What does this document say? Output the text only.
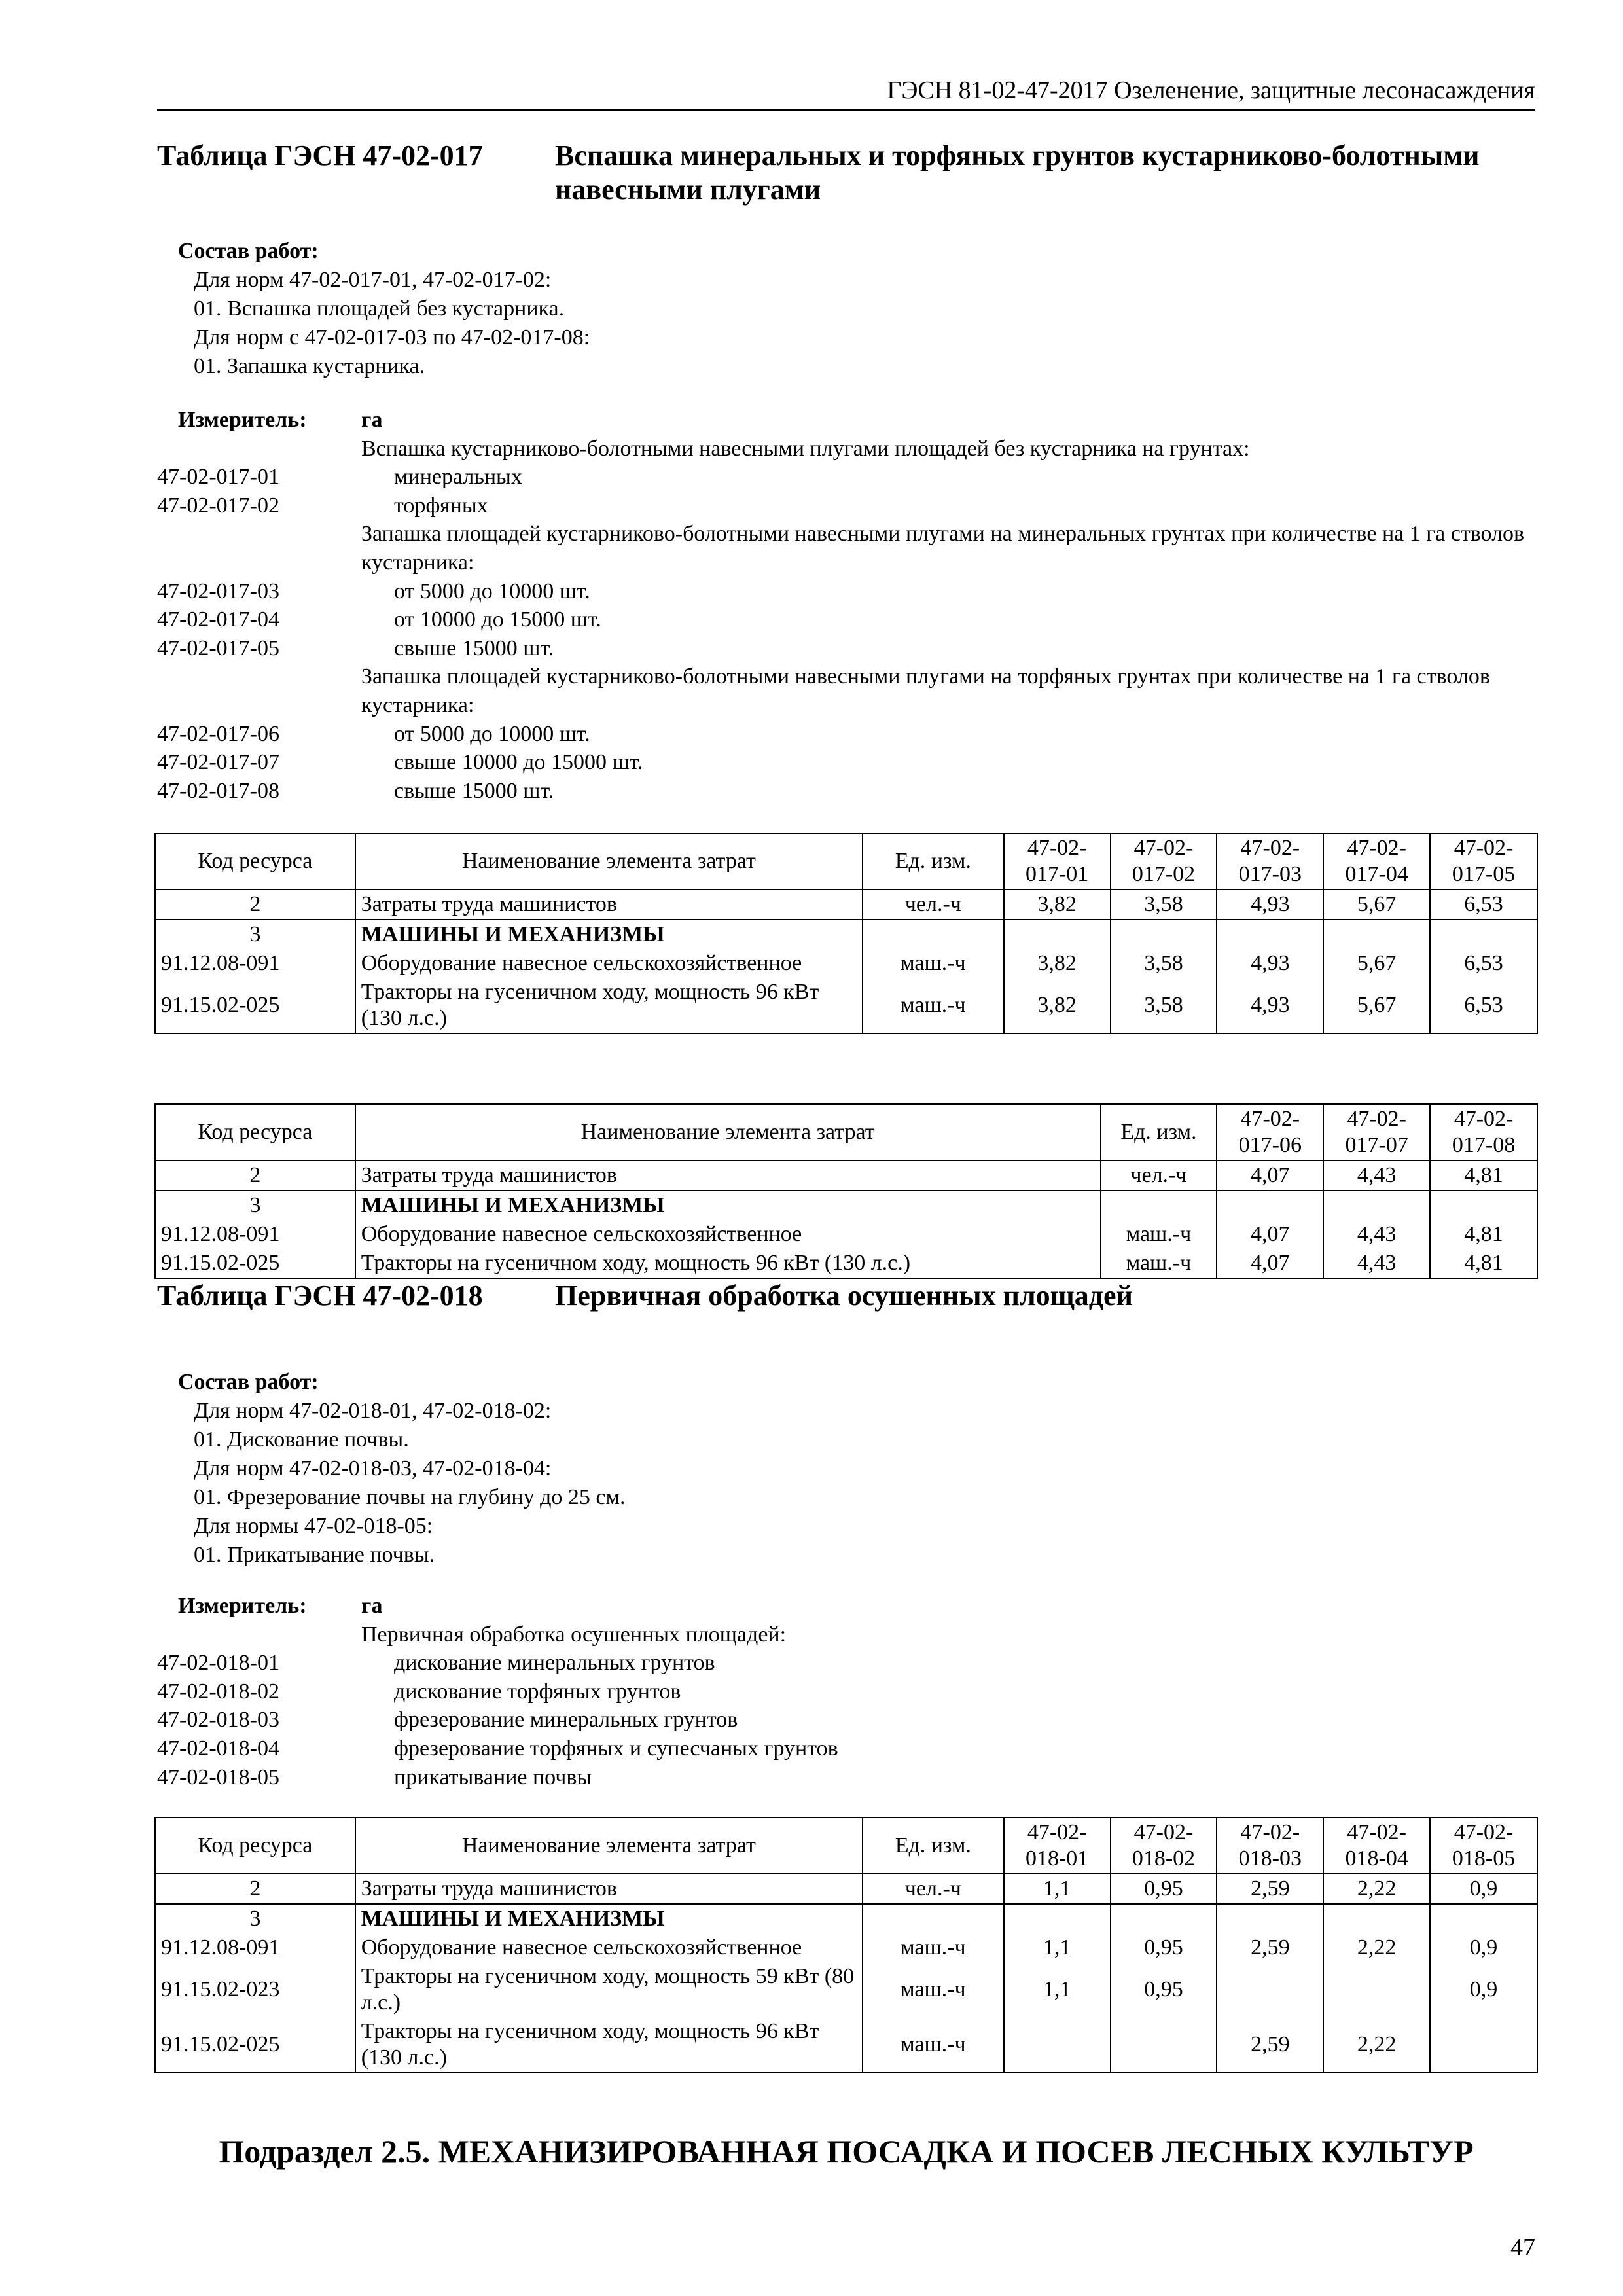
ГЭСН 81-02-47-2017 Озеленение, защитные лесонасаждения
Таблица ГЭСН 47-02-017	Вспашка минеральных и торфяных грунтов кустарниково-болотными навесными плугами
Состав работ:
Для норм 47-02-017-01, 47-02-017-02:
01. Вспашка площадей без кустарника.
Для норм с 47-02-017-03 по 47-02-017-08:
01. Запашка кустарника.
Измеритель:	га
Вспашка кустарниково-болотными навесными плугами площадей без кустарника на грунтах:
47-02-017-01	минеральных
47-02-017-02	торфяных
Запашка площадей кустарниково-болотными навесными плугами на минеральных грунтах при количестве на 1 га стволов кустарника:
47-02-017-03	от 5000 до 10000 шт.
47-02-017-04	от 10000 до 15000 шт.
47-02-017-05	свыше 15000 шт.
Запашка площадей кустарниково-болотными навесными плугами на торфяных грунтах при количестве на 1 га стволов кустарника:
47-02-017-06	от 5000 до 10000 шт.
47-02-017-07	свыше 10000 до 15000 шт.
47-02-017-08	свыше 15000 шт.
Код ресурса	Наименование элемента затрат	Ед. изм.	47-02-017-01	47-02-017-02	47-02-017-03	47-02-017-04	47-02-017-05
2	Затраты труда машинистов	чел.-ч	3,82	3,58	4,93	5,67	6,53
3	МАШИНЫ И МЕХАНИЗМЫ						
91.12.08-091	Оборудование навесное сельскохозяйственное	маш.-ч	3,82	3,58	4,93	5,67	6,53
91.15.02-025	Тракторы на гусеничном ходу, мощность 96 кВт (130 л.с.)	маш.-ч	3,82	3,58	4,93	5,67	6,53
Код ресурса	Наименование элемента затрат	Ед. изм.	47-02-017-06	47-02-017-07	47-02-017-08
2	Затраты труда машинистов	чел.-ч	4,07	4,43	4,81
3	МАШИНЫ И МЕХАНИЗМЫ				
91.12.08-091	Оборудование навесное сельскохозяйственное	маш.-ч	4,07	4,43	4,81
91.15.02-025	Тракторы на гусеничном ходу, мощность 96 кВт (130 л.с.)	маш.-ч	4,07	4,43	4,81
Таблица ГЭСН 47-02-018	Первичная обработка осушенных площадей
Состав работ:
Для норм 47-02-018-01, 47-02-018-02:
01. Дискование почвы.
Для норм 47-02-018-03, 47-02-018-04:
01. Фрезерование почвы на глубину до 25 см.
Для нормы 47-02-018-05:
01. Прикатывание почвы.
Измеритель:	га
Первичная обработка осушенных площадей:
47-02-018-01	дискование минеральных грунтов
47-02-018-02	дискование торфяных грунтов
47-02-018-03	фрезерование минеральных грунтов
47-02-018-04	фрезерование торфяных и супесчаных грунтов
47-02-018-05	прикатывание почвы
Код ресурса	Наименование элемента затрат	Ед. изм.	47-02-018-01	47-02-018-02	47-02-018-03	47-02-018-04	47-02-018-05
2	Затраты труда машинистов	чел.-ч	1,1	0,95	2,59	2,22	0,9
3	МАШИНЫ И МЕХАНИЗМЫ						
91.12.08-091	Оборудование навесное сельскохозяйственное	маш.-ч	1,1	0,95	2,59	2,22	0,9
91.15.02-023	Тракторы на гусеничном ходу, мощность 59 кВт (80 л.с.)	маш.-ч	1,1	0,95			0,9
91.15.02-025	Тракторы на гусеничном ходу, мощность 96 кВт (130 л.с.)	маш.-ч			2,59	2,22	
Подраздел 2.5. МЕХАНИЗИРОВАННАЯ ПОСАДКА И ПОСЕВ ЛЕСНЫХ КУЛЬТУР
47
